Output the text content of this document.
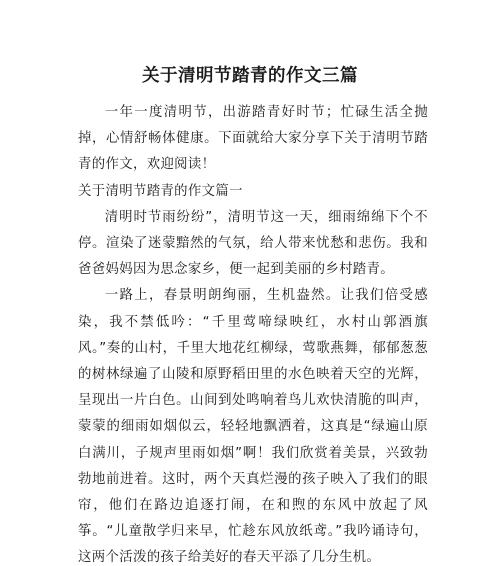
关于清明节踏青的作文三篇

一年一度清明节，出游踏青好时节；忙碌生活全抛掉，心情舒畅体健康。下面就给大家分享下关于清明节踏青的作文，欢迎阅读！

关于清明节踏青的作文篇一

清明时节雨纷纷”，清明节这一天，细雨绵绵下个不停。渲染了迷蒙黯然的气氛，给人带来忧愁和悲伤。我和爸爸妈妈因为思念家乡，便一起到美丽的乡村踏青。

一路上，春景明朗绚丽，生机盎然。让我们倍受感染，我不禁低吟：“千里莺啼绿映红，水村山郭酒旗风。”奏的山村，千里大地花红柳绿，莺歌燕舞，郁郁葱葱的树林绿遍了山陵和原野稻田里的水色映着天空的光辉，呈现出一片白色。山间到处鸣响着鸟儿欢快清脆的叫声，蒙蒙的细雨如烟似云，轻轻地飘洒着，这真是“绿遍山原白满川，子规声里雨如烟”啊！我们欣赏着美景，兴致勃勃地前进着。这时，两个天真烂漫的孩子映入了我们的眼帘，他们在路边追逐打闹，在和煦的东风中放起了风筝。“儿童散学归来早，忙趁东风放纸鸢。”我吟诵诗句，这两个活泼的孩子给美好的春天平添了几分生机。
